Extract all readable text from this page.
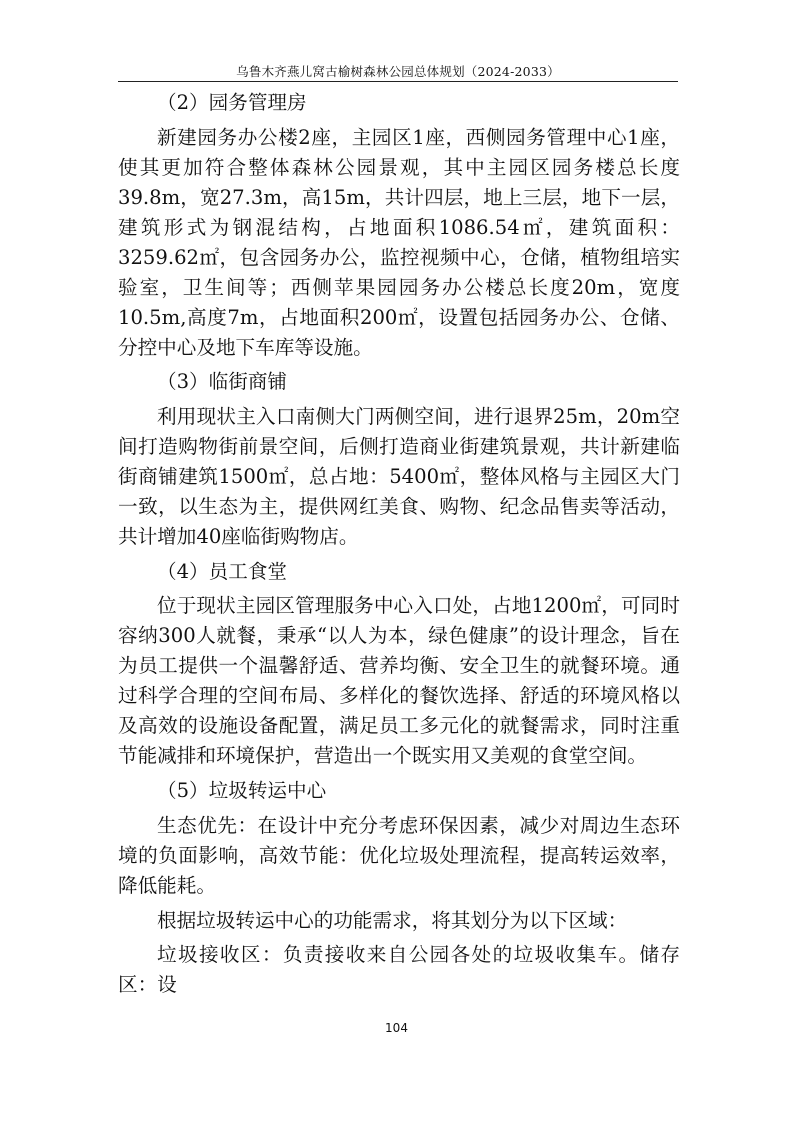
乌鲁木齐燕儿窝古榆树森林公园总体规划（2024-2033）

（2）园务管理房

新建园务办公楼2座，主园区1座，西侧园务管理中心1座，使其更加符合整体森林公园景观，其中主园区园务楼总长度39.8m，宽27.3m，高15m，共计四层，地上三层，地下一层，建筑形式为钢混结构，占地面积1086.54㎡，建筑面积：3259.62㎡，包含园务办公，监控视频中心，仓储，植物组培实验室，卫生间等；西侧苹果园园务办公楼总长度20m，宽度10.5m,高度7m，占地面积200㎡，设置包括园务办公、仓储、分控中心及地下车库等设施。

（3）临街商铺

利用现状主入口南侧大门两侧空间，进行退界25m，20m空间打造购物街前景空间，后侧打造商业街建筑景观，共计新建临街商铺建筑1500㎡，总占地：5400㎡，整体风格与主园区大门一致，以生态为主，提供网红美食、购物、纪念品售卖等活动，共计增加40座临街购物店。

（4）员工食堂

位于现状主园区管理服务中心入口处，占地1200㎡，可同时容纳300人就餐，秉承“以人为本，绿色健康”的设计理念，旨在为员工提供一个温馨舒适、营养均衡、安全卫生的就餐环境。通过科学合理的空间布局、多样化的餐饮选择、舒适的环境风格以及高效的设施设备配置，满足员工多元化的就餐需求，同时注重节能减排和环境保护，营造出一个既实用又美观的食堂空间。

（5）垃圾转运中心

生态优先：在设计中充分考虑环保因素，减少对周边生态环境的负面影响，高效节能：优化垃圾处理流程，提高转运效率，降低能耗。

根据垃圾转运中心的功能需求，将其划分为以下区域：

垃圾接收区：负责接收来自公园各处的垃圾收集车。储存区：设

104
